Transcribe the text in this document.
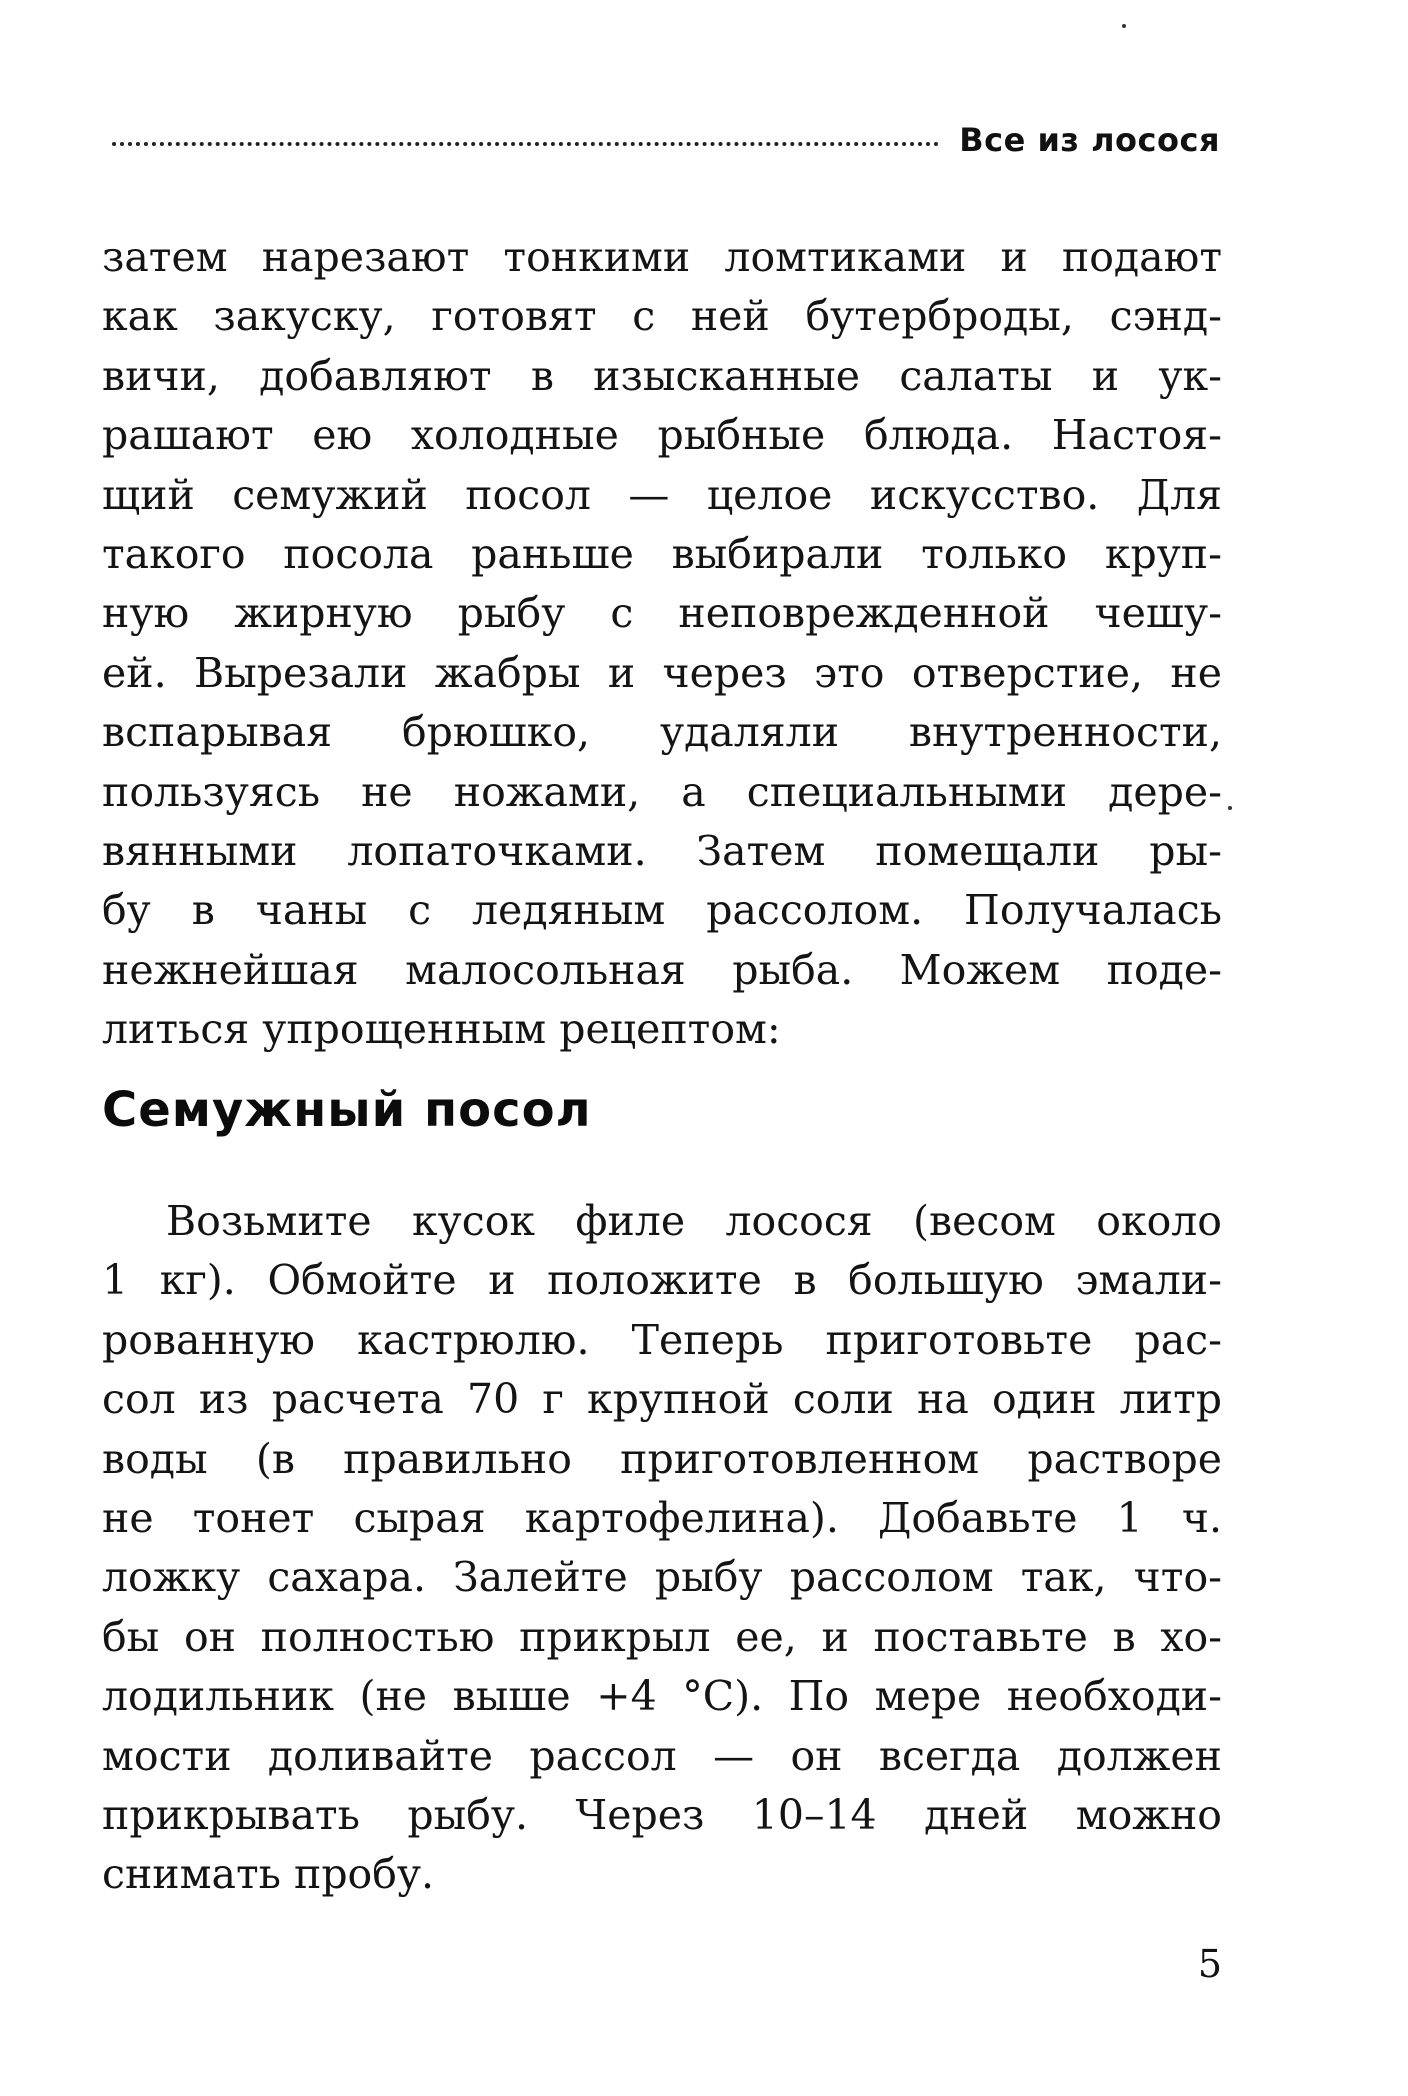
Все из лосося
затем нарезают тонкими ломтиками и подают
как закуску, готовят с ней бутерброды, сэнд-
вичи, добавляют в изысканные салаты и ук-
рашают ею холодные рыбные блюда. Настоя-
щий семужий посол — целое искусство. Для
такого посола раньше выбирали только круп-
ную жирную рыбу с неповрежденной чешу-
ей. Вырезали жабры и через это отверстие, не
вспарывая брюшко, удаляли внутренности,
пользуясь не ножами, а специальными дере-
вянными лопаточками. Затем помещали ры-
бу в чаны с ледяным рассолом. Получалась
нежнейшая малосольная рыба. Можем поде-
литься упрощенным рецептом:
Семужный посол
Возьмите кусок филе лосося (весом около
1 кг). Обмойте и положите в большую эмали-
рованную кастрюлю. Теперь приготовьте рас-
сол из расчета 70 г крупной соли на один литр
воды (в правильно приготовленном растворе
не тонет сырая картофелина). Добавьте 1 ч.
ложку сахара. Залейте рыбу рассолом так, что-
бы он полностью прикрыл ее, и поставьте в хо-
лодильник (не выше +4 °С). По мере необходи-
мости доливайте рассол — он всегда должен
прикрывать рыбу. Через 10–14 дней можно
снимать пробу.
5
